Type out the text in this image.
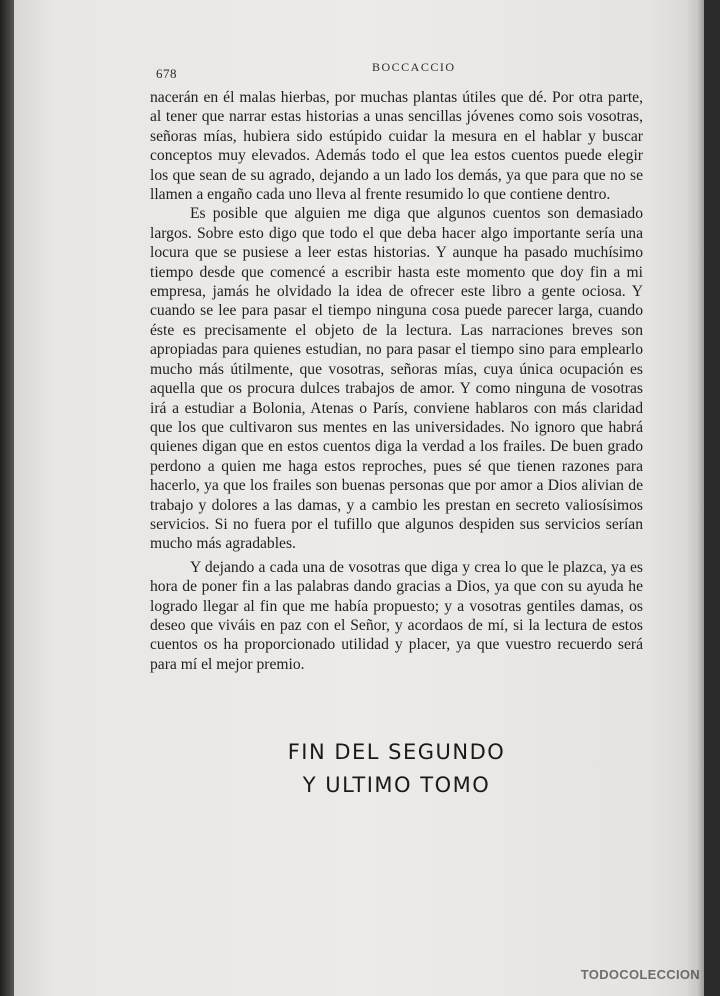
678	BOCCACCIO

nacerán en él malas hierbas, por muchas plantas útiles que dé. Por otra parte, al tener que narrar estas historias a unas sencillas jóvenes como sois vosotras, señoras mías, hubiera sido estúpido cuidar la mesura en el hablar y buscar conceptos muy elevados. Además todo el que lea estos cuentos puede elegir los que sean de su agrado, dejando a un lado los demás, ya que para que no se llamen a engaño cada uno lleva al frente resumido lo que contiene dentro.

Es posible que alguien me diga que algunos cuentos son demasiado largos. Sobre esto digo que todo el que deba hacer algo importante sería una locura que se pusiese a leer estas historias. Y aunque ha pasado muchísimo tiempo desde que comencé a escribir hasta este momento que doy fin a mi empresa, jamás he olvidado la idea de ofrecer este libro a gente ociosa. Y cuando se lee para pasar el tiempo ninguna cosa puede parecer larga, cuando éste es precisamente el objeto de la lectura. Las narraciones breves son apropiadas para quienes estudian, no para pasar el tiempo sino para emplearlo mucho más útilmente, que vosotras, señoras mías, cuya única ocupación es aquella que os procura dulces trabajos de amor. Y como ninguna de vosotras irá a estudiar a Bolonia, Atenas o París, conviene hablaros con más claridad que los que cultivaron sus mentes en las universidades. No ignoro que habrá quienes digan que en estos cuentos diga la verdad a los frailes. De buen grado perdono a quien me haga estos reproches, pues sé que tienen razones para hacerlo, ya que los frailes son buenas personas que por amor a Dios alivian de trabajo y dolores a las damas, y a cambio les prestan en secreto valiosísimos servicios. Si no fuera por el tufillo que algunos despiden sus servicios serían mucho más agradables.

Y dejando a cada una de vosotras que diga y crea lo que le plazca, ya es hora de poner fin a las palabras dando gracias a Dios, ya que con su ayuda he logrado llegar al fin que me había propuesto; y a vosotras gentiles damas, os deseo que viváis en paz con el Señor, y acordaos de mí, si la lectura de estos cuentos os ha proporcionado utilidad y placer, ya que vuestro recuerdo será para mí el mejor premio.

FIN DEL SEGUNDO
Y ULTIMO TOMO
TODOCOLECCION
